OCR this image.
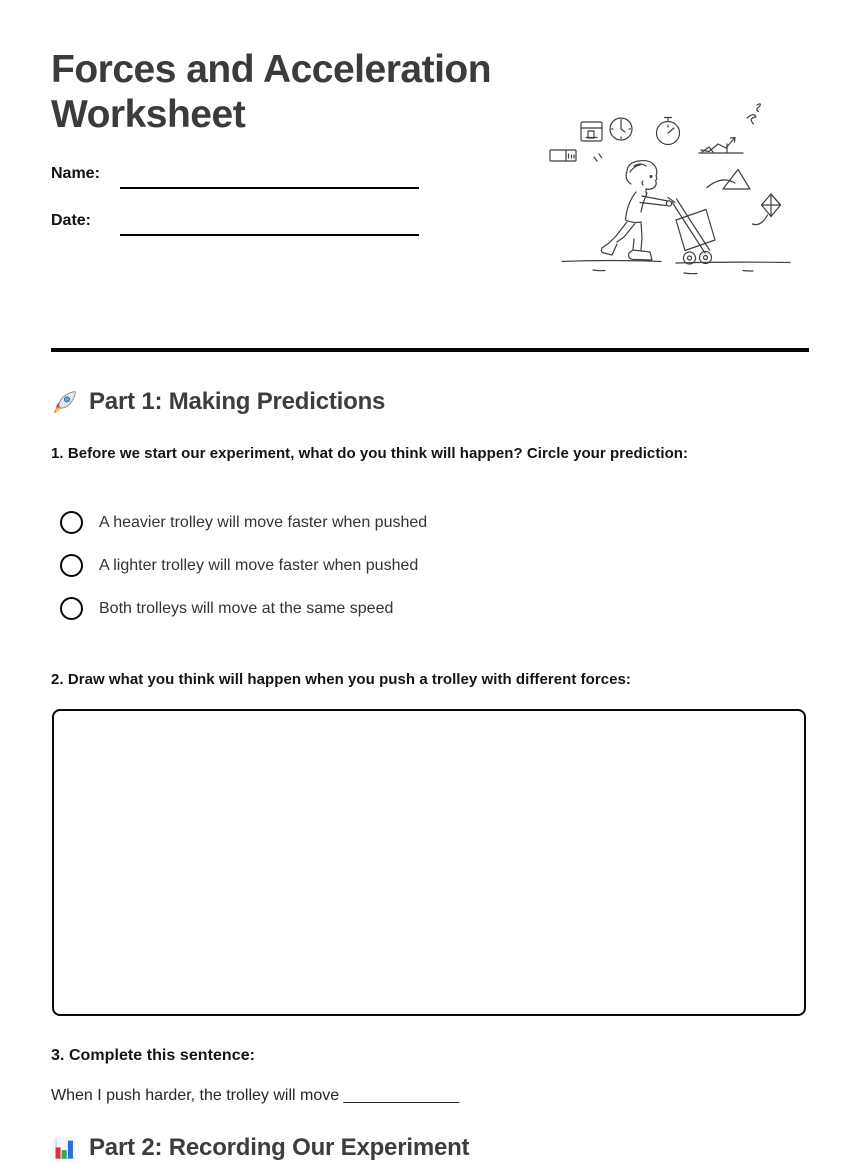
Forces and Acceleration Worksheet
Name:
Date:
Part 1: Making Predictions
1. Before we start our experiment, what do you think will happen? Circle your prediction:
A heavier trolley will move faster when pushed
A lighter trolley will move faster when pushed
Both trolleys will move at the same speed
2. Draw what you think will happen when you push a trolley with different forces:
3. Complete this sentence:
When I push harder, the trolley will move _____________
Part 2: Recording Our Experiment
